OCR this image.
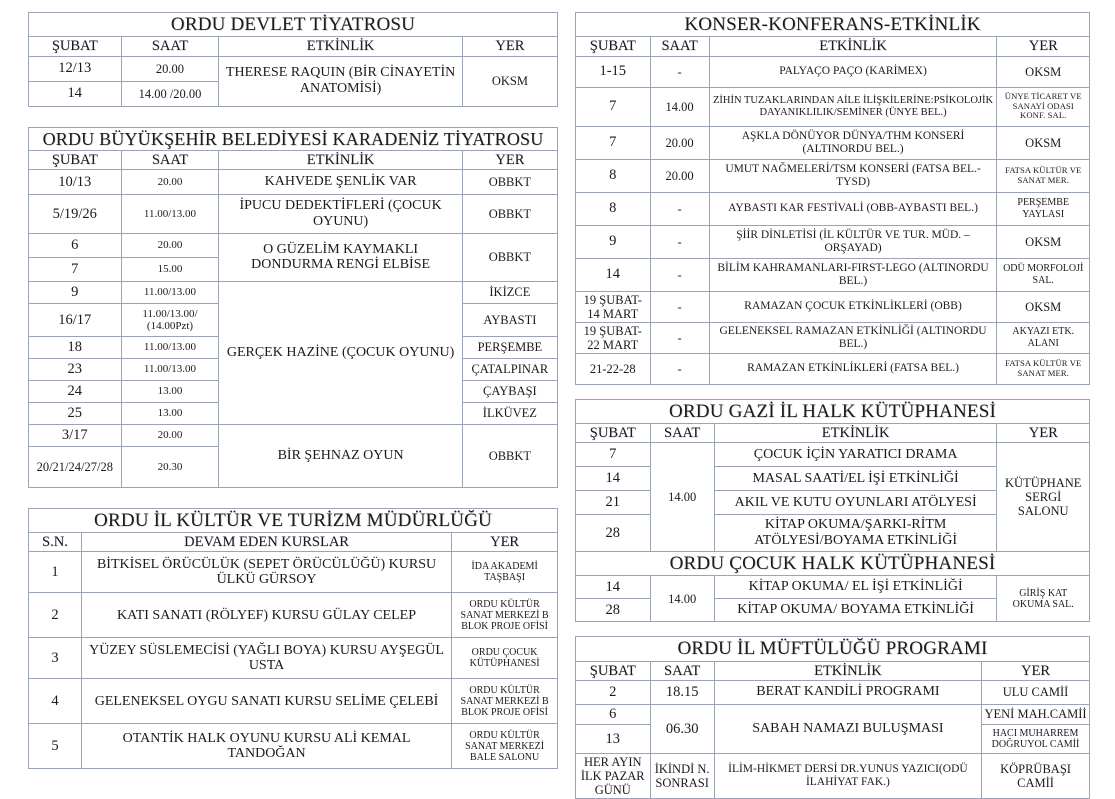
ORDU DEVLET TİYATROSU			
ŞUBAT	SAAT	ETKİNLİK	YER
12/13	20.00	THERESE RAQUIN (BİR CİNAYETİN ANATOMİSİ)	OKSM
14	14.00 /20.00		
ORDU BÜYÜKŞEHİR BELEDİYESİ KARADENİZ TİYATROSU			
ŞUBAT	SAAT	ETKİNLİK	YER
10/13	20.00	KAHVEDE ŞENLİK VAR	OBBKT
5/19/26	11.00/13.00	İPUCU DEDEKTİFLERİ (ÇOCUK OYUNU)	OBBKT
6	20.00	O GÜZELİM KAYMAKLI DONDURMA RENGİ ELBİSE	OBBKT
7	15.00		
9	11.00/13.00	GERÇEK HAZİNE (ÇOCUK OYUNU)	İKİZCE
16/17	11.00/13.00/ (14.00Pzt)		AYBASTI
18	11.00/13.00		PERŞEMBE
23	11.00/13.00		ÇATALPINAR
24	13.00		ÇAYBAŞI
25	13.00		İLKÜVEZ
3/17	20.00	BİR ŞEHNAZ OYUN	OBBKT
20/21/24/27/28	20.30		
ORDU İL KÜLTÜR VE TURİZM MÜDÜRLÜĞÜ		
S.N.	DEVAM EDEN KURSLAR	YER
1	BİTKİSEL ÖRÜCÜLÜK (SEPET ÖRÜCÜLÜĞÜ) KURSU ÜLKÜ GÜRSOY	İDA AKADEMİ TAŞBAŞI
2	KATI SANATI (RÖLYEF) KURSU GÜLAY CELEP	ORDU KÜLTÜR SANAT MERKEZİ B BLOK PROJE OFİSİ
3	YÜZEY SÜSLEMECİSİ (YAĞLI BOYA) KURSU AYŞEGÜL USTA	ORDU ÇOCUK KÜTÜPHANESİ
4	GELENEKSEL OYGU SANATI KURSU SELİME ÇELEBİ	ORDU KÜLTÜR SANAT MERKEZİ B BLOK PROJE OFİSİ
5	OTANTİK HALK OYUNU KURSU ALİ KEMAL TANDOĞAN	ORDU KÜLTÜR SANAT MERKEZİ BALE SALONU
KONSER-KONFERANS-ETKİNLİK			
ŞUBAT	SAAT	ETKİNLİK	YER
1-15	-	PALYAÇO PAÇO (KARİMEX)	OKSM
7	14.00	ZİHİN TUZAKLARINDAN AİLE İLİŞKİLERİNE:PSİKOLOJİK DAYANIKLILIK/SEMİNER (ÜNYE BEL.)	ÜNYE TİCARET VE SANAYİ ODASI KONF. SAL.
7	20.00	AŞKLA DÖNÜYOR DÜNYA/THM KONSERİ (ALTINORDU BEL.)	OKSM
8	20.00	UMUT NAĞMELERİ/TSM KONSERİ (FATSA BEL.-TYSD)	FATSA KÜLTÜR VE SANAT MER.
8	-	AYBASTI KAR FESTİVALİ (OBB-AYBASTI BEL.)	PERŞEMBE YAYLASI
9	-	ŞİİR DİNLETİSİ (İL KÜLTÜR VE TUR. MÜD. – ORŞAYAD)	OKSM
14	-	BİLİM KAHRAMANLARI-FIRST-LEGO (ALTINORDU BEL.)	ODÜ MORFOLOJİ SAL.
19 ŞUBAT-14 MART	-	RAMAZAN ÇOCUK ETKİNLİKLERİ (OBB)	OKSM
19 ŞUBAT-22 MART	-	GELENEKSEL RAMAZAN ETKİNLİĞİ (ALTINORDU BEL.)	AKYAZI ETK. ALANI
21-22-28	-	RAMAZAN ETKİNLİKLERİ (FATSA BEL.)	FATSA KÜLTÜR VE SANAT MER.
ORDU GAZİ İL HALK KÜTÜPHANESİ			
ŞUBAT	SAAT	ETKİNLİK	YER
7	14.00	ÇOCUK İÇİN YARATICI DRAMA	KÜTÜPHANE SERGİ SALONU
14		MASAL SAATİ/EL İŞİ ETKİNLİĞİ	
21		AKIL VE KUTU OYUNLARI ATÖLYESİ	
28		KİTAP OKUMA/ŞARKI-RİTM ATÖLYESİ/BOYAMA ETKİNLİĞİ	
ORDU ÇOCUK HALK KÜTÜPHANESİ			
14	14.00	KİTAP OKUMA/ EL İŞİ ETKİNLİĞİ	GİRİŞ KAT OKUMA SAL.
28		KİTAP OKUMA/ BOYAMA ETKİNLİĞİ	
ORDU İL MÜFTÜLÜĞÜ PROGRAMI			
ŞUBAT	SAAT	ETKİNLİK	YER
2	18.15	BERAT KANDİLİ PROGRAMI	ULU CAMİİ
6	06.30	SABAH NAMAZI BULUŞMASI	YENİ MAH.CAMİİ
13			HACI MUHARREM DOĞRUYOL CAMİİ
HER AYIN İLK PAZAR GÜNÜ	İKİNDİ N. SONRASI	İLİM-HİKMET DERSİ DR.YUNUS YAZICI(ODÜ İLAHİYAT FAK.)	KÖPRÜBAŞI CAMİİ
